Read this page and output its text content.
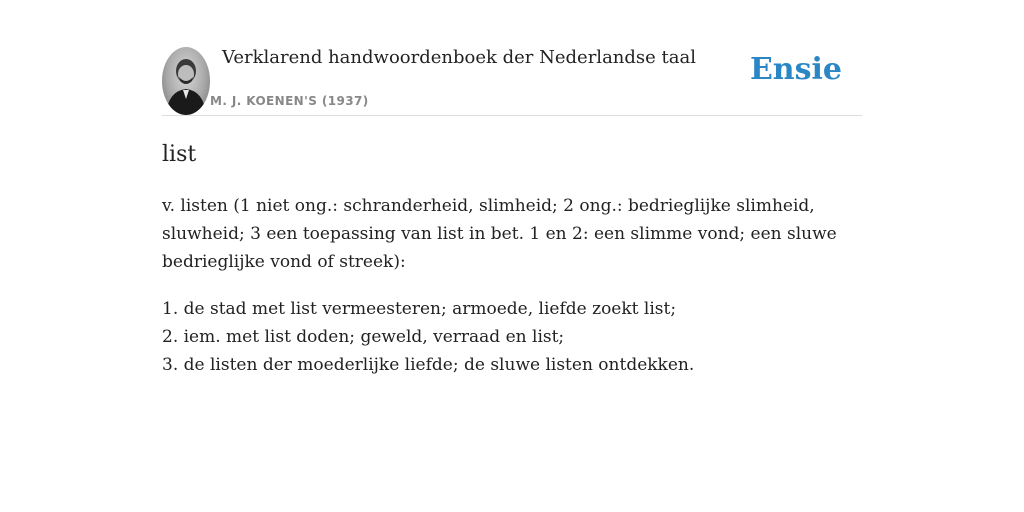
Verklarend handwoordenboek der Nederlandse taal
M. J. KOENEN'S (1937)
Ensie
list

v. listen (1 niet ong.: schranderheid, slimheid; 2 ong.: bedrieglijke slimheid, sluwheid; 3 een toepassing van list in bet. 1 en 2: een slimme vond; een sluwe bedrieglijke vond of streek):

1. de stad met list vermeesteren; armoede, liefde zoekt list;
2. iem. met list doden; geweld, verraad en list;
3. de listen der moederlijke liefde; de sluwe listen ontdekken.
